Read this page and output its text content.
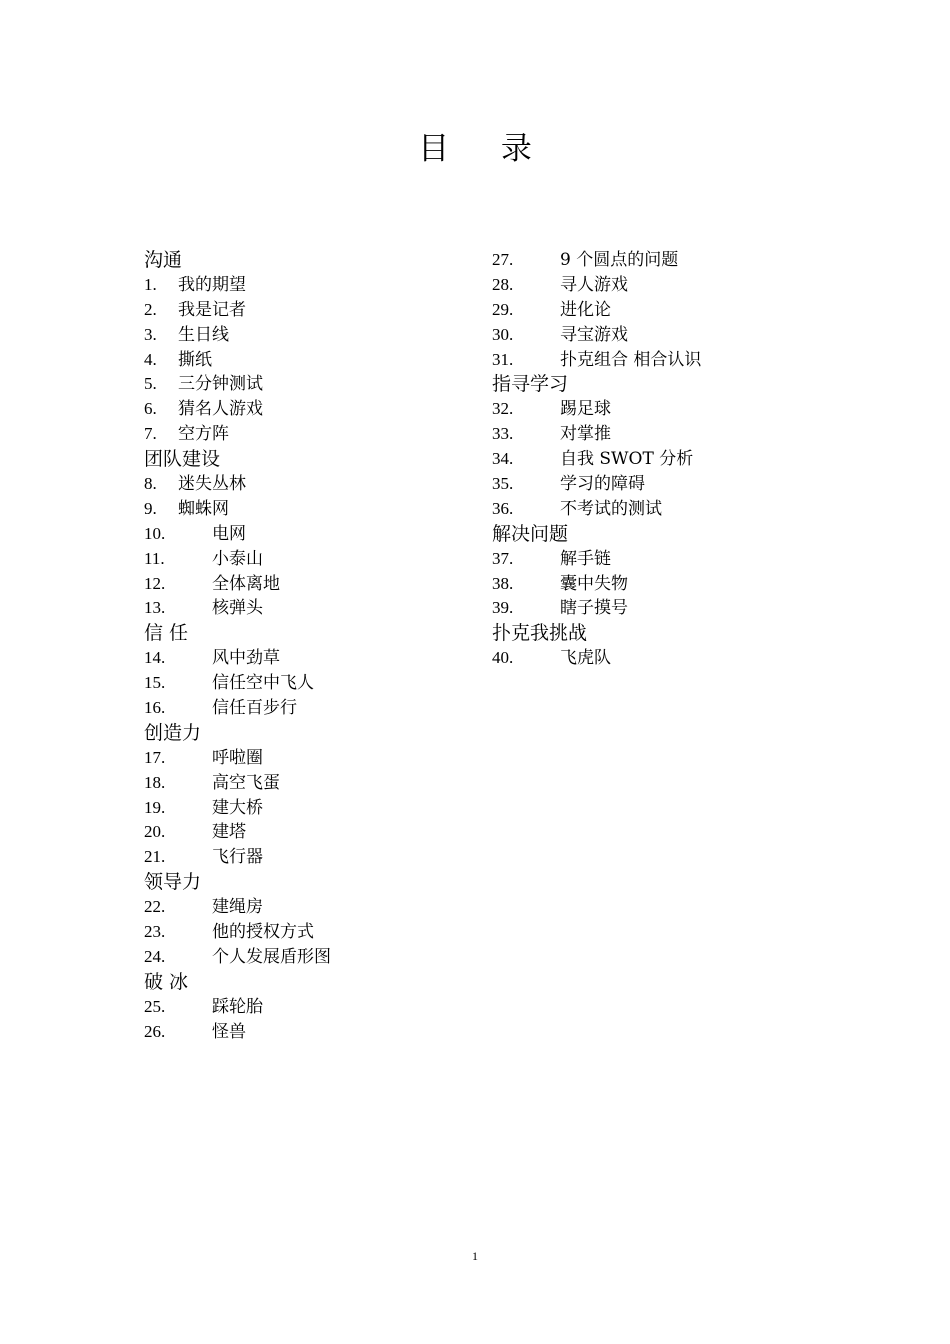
目 录
沟通
1. 我的期望
2. 我是记者
3. 生日线
4. 撕纸
5. 三分钟测试
6. 猜名人游戏
7. 空方阵
团队建设
8. 迷失丛林
9. 蜘蛛网
10.	电网
11.	小泰山
12.	全体离地
13.	核弹头
信 任
14.	风中劲草
15.	信任空中飞人
16.	信任百步行
创造力
17.	呼啦圈
18.	高空飞蛋
19.	建大桥
20.	建塔
21.	飞行器
领导力
22.	建绳房
23.	他的授权方式
24.	个人发展盾形图
破 冰
25.	踩轮胎
26.	怪兽
27.	9 个圆点的问题
28.	寻人游戏
29.	进化论
30.	寻宝游戏
31.	扑克组合 相合认识
指寻学习
32.	踢足球
33.	对掌推
34.	自我 SWOT 分析
35.	学习的障碍
36.	不考试的测试
解决问题
37.	解手链
38.	囊中失物
39.	瞎子摸号
扑克我挑战
40.	飞虎队
1
